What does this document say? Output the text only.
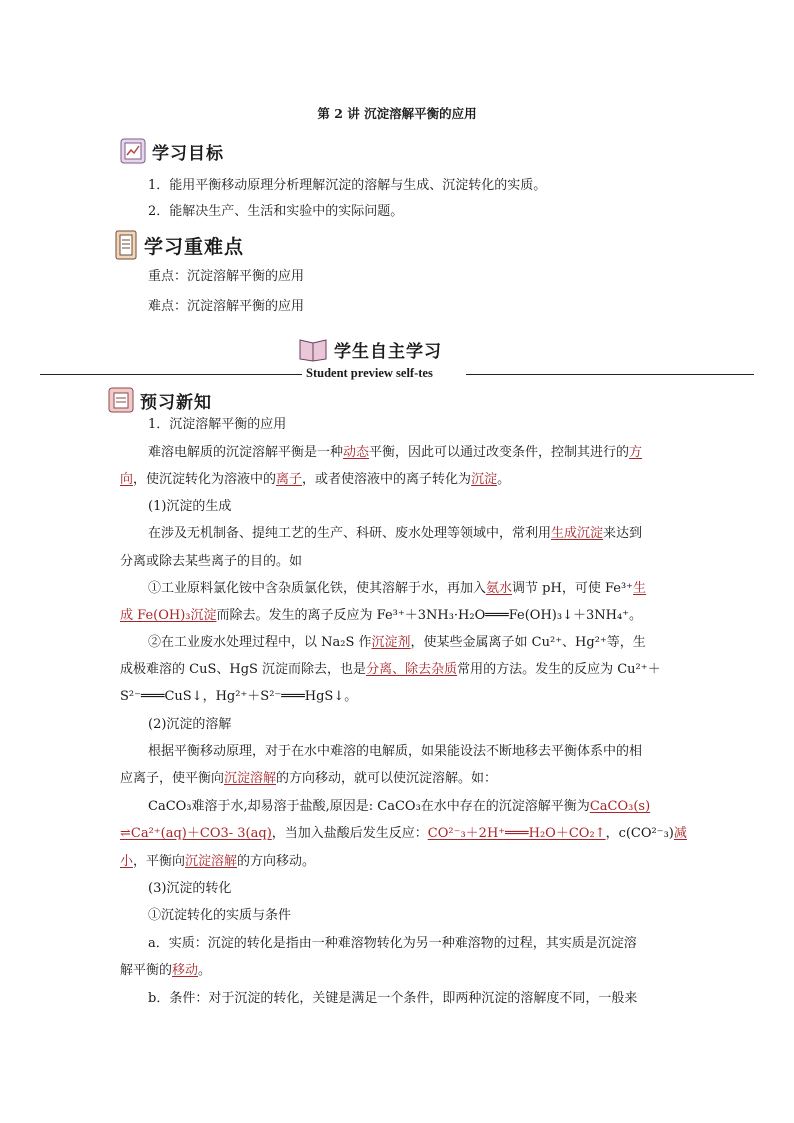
第 2 讲 沉淀溶解平衡的应用
学习目标
1．能用平衡移动原理分析理解沉淀的溶解与生成、沉淀转化的实质。
2．能解决生产、生活和实验中的实际问题。
学习重难点
重点：沉淀溶解平衡的应用
难点：沉淀溶解平衡的应用
学生自主学习
Student preview self-tes
预习新知
1．沉淀溶解平衡的应用
难溶电解质的沉淀溶解平衡是一种动态平衡，因此可以通过改变条件，控制其进行的方
向，使沉淀转化为溶液中的离子，或者使溶液中的离子转化为沉淀。
(1)沉淀的生成
在涉及无机制备、提纯工艺的生产、科研、废水处理等领域中，常利用生成沉淀来达到
分离或除去某些离子的目的。如
①工业原料氯化铵中含杂质氯化铁，使其溶解于水，再加入氨水调节 pH，可使 Fe³⁺生
成 Fe(OH)₃沉淀而除去。发生的离子反应为 Fe³⁺＋3NH₃·H₂O═══Fe(OH)₃↓＋3NH₄⁺。
②在工业废水处理过程中，以 Na₂S 作沉淀剂，使某些金属离子如 Cu²⁺、Hg²⁺等，生
成极难溶的 CuS、HgS 沉淀而除去，也是分离、除去杂质常用的方法。发生的反应为 Cu²⁺＋
S²⁻═══CuS↓，Hg²⁺＋S²⁻═══HgS↓。
(2)沉淀的溶解
根据平衡移动原理，对于在水中难溶的电解质，如果能设法不断地移去平衡体系中的相
应离子，使平衡向沉淀溶解的方向移动，就可以使沉淀溶解。如：
CaCO₃难溶于水,却易溶于盐酸,原因是: CaCO₃在水中存在的沉淀溶解平衡为CaCO₃(s)
⇌Ca²⁺(aq)＋CO3- 3(aq)，当加入盐酸后发生反应：CO²⁻₃＋2H⁺═══H₂O＋CO₂↑，c(CO²⁻₃)减
小，平衡向沉淀溶解的方向移动。
(3)沉淀的转化
①沉淀转化的实质与条件
a．实质：沉淀的转化是指由一种难溶物转化为另一种难溶物的过程，其实质是沉淀溶
解平衡的移动。
b．条件：对于沉淀的转化，关键是满足一个条件，即两种沉淀的溶解度不同，一般来
